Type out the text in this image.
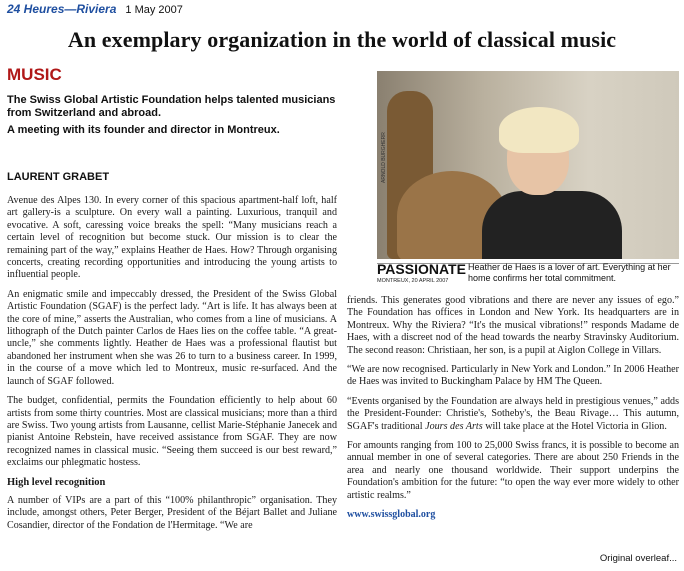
24 Heures—Riviera 1 May 2007
An exemplary organization in the world of classical music
MUSIC

The Swiss Global Artistic Foundation helps talented musicians from Switzerland and abroad.

A meeting with its founder and director in Montreux.

LAURENT GRABET

Avenue des Alpes 130. In every corner of this spacious apartment-half loft, half art gallery-is a sculpture. On every wall a painting. Luxurious, tranquil and evocative. A soft, caressing voice breaks the spell: “Many musicians reach a certain level of recognition but become stuck. Our mission is to clear the remaining part of the way,” explains Heather de Haes. How? Through organising concerts, creating recording opportunities and introducing the young artists to influential people.

An enigmatic smile and impeccably dressed, the President of the Swiss Global Artistic Foundation (SGAF) is the perfect lady. “Art is life. It has always been at the core of mine,” asserts the Australian, who comes from a line of musicians. A lithograph of the Dutch painter Carlos de Haes lies on the coffee table. “A great-uncle,” she comments lightly. Heather de Haes was a professional flautist but abandoned her instrument when she was 26 to turn to a business career. In 1999, in the course of a move which led to Montreux, music re-surfaced. And the launch of SGAF followed.

The budget, confidential, permits the Foundation efficiently to help about 60 artists from some thirty countries. Most are classical musicians; more than a third are Swiss. Two young artists from Lausanne, cellist Marie-Stéphanie Janecek and pianist Antoine Rebstein, have received assistance from SGAF. They are now recognized names in classical music. “Seeing them succeed is our best reward,” exclaims our phlegmatic hostess.

High level recognition

A number of VIPs are a part of this “100% philanthropic” organisation. They include, amongst others, Peter Berger, President of the Béjart Ballet and Juliane Cosandier, director of the Fondation de l'Hermitage. “We are

ARNOLD BURGHERR
PASSIONATE
MONTREUX, 20 APRIL 2007
Heather de Haes is a lover of art. Everything at her home confirms her total commitment.

friends. This generates good vibrations and there are never any issues of ego.” The Foundation has offices in London and New York. Its headquarters are in Montreux. Why the Riviera? “It's the musical vibrations!” responds Madame de Haes, with a discreet nod of the head towards the nearby Stravinsky Auditorium. The second reason: Christiaan, her son, is a pupil at Aiglon College in Villars.

“We are now recognised. Particularly in New York and London.” In 2006 Heather de Haes was invited to Buckingham Palace by HM The Queen.

“Events organised by the Foundation are always held in prestigious venues,” adds the President-Founder: Christie's, Sotheby's, the Beau Rivage… This autumn, SGAF's traditional Jours des Arts will take place at the Hotel Victoria in Glion.

For amounts ranging from 100 to 25,000 Swiss francs, it is possible to become an annual member in one of several categories. There are about 250 Friends in the area and nearly one thousand worldwide. Their support underpins the Foundation's ambition for the future: “to open the way ever more widely to other artistic realms.”

www.swissglobal.org
Original overleaf...
